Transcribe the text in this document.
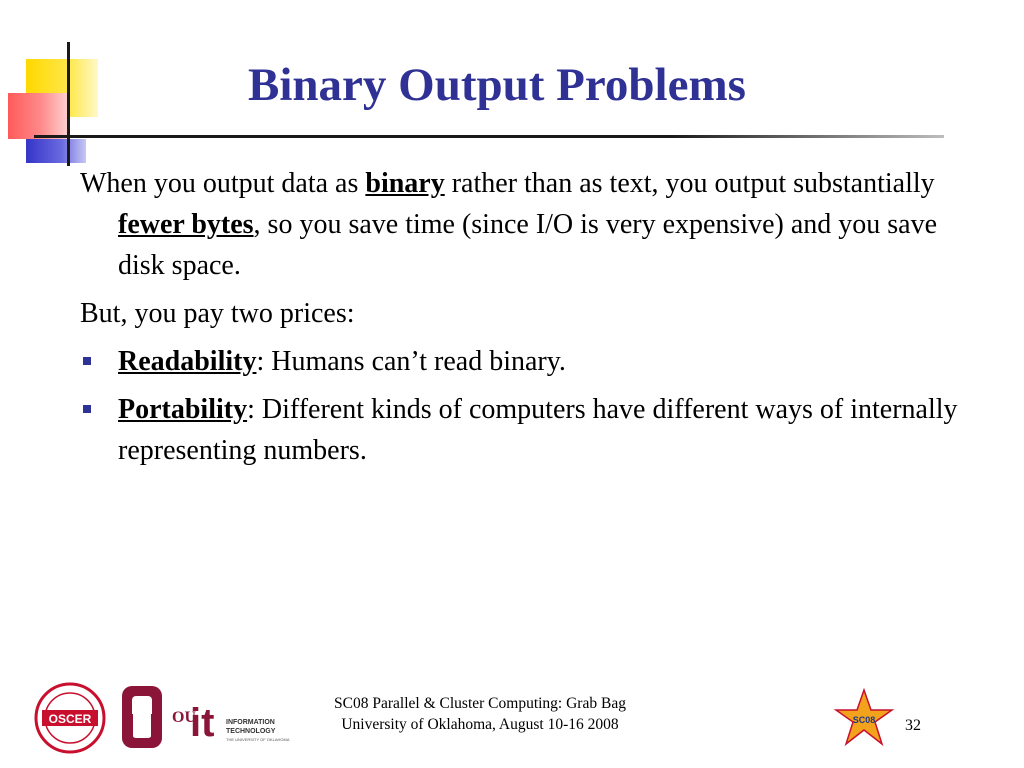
Binary Output Problems

When you output data as binary rather than as text, you output substantially fewer bytes, so you save time (since I/O is very expensive) and you save disk space.

But, you pay two prices:

Readability: Humans can’t read binary.
Portability: Different kinds of computers have different ways of internally representing numbers.
OSCER	OU
it INFORMATION
TECHNOLOGY
THE UNIVERSITY OF OKLAHOMA
SC08 Parallel & Cluster Computing: Grab Bag
University of Oklahoma, August 10-16 2008	SC08 32
